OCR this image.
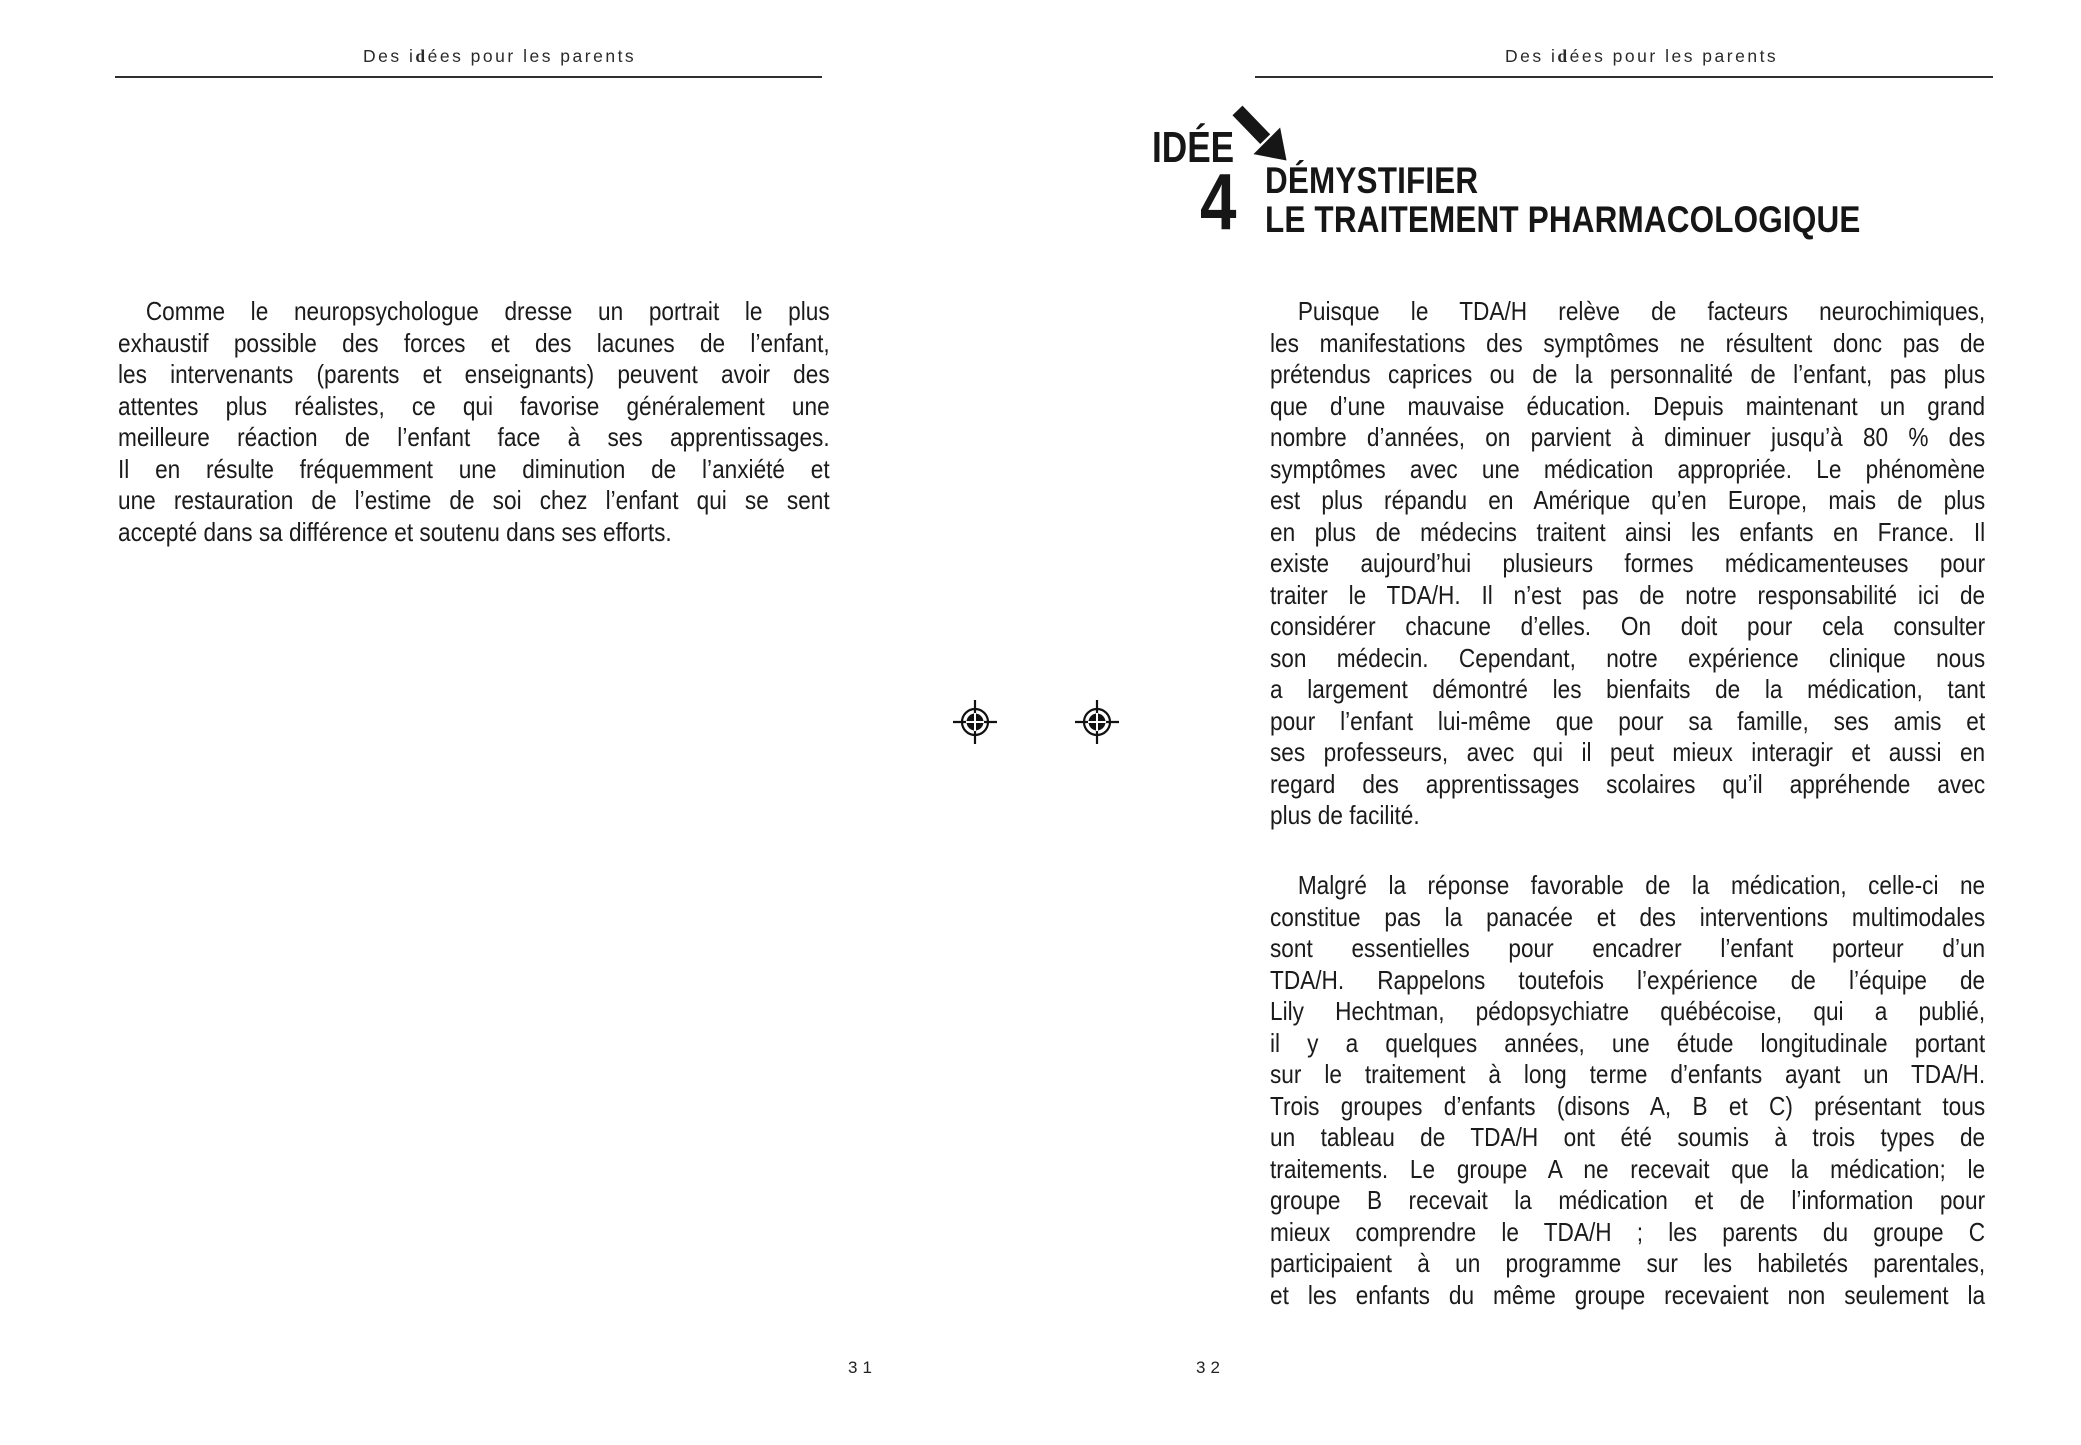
Des idées pour les parents	Des idées pour les parents
IDÉE
4 DÉMYSTIFIER
LE TRAITEMENT PHARMACOLOGIQUE
Comme le neuropsychologue dresse un portrait le plus
exhaustif possible des forces et des lacunes de l’enfant,
les intervenants (parents et enseignants) peuvent avoir des
attentes plus réalistes, ce qui favorise généralement une
meilleure réaction de l’enfant face à ses apprentissages.
Il en résulte fréquemment une diminution de l’anxiété et
une restauration de l’estime de soi chez l’enfant qui se sent
accepté dans sa différence et soutenu dans ses efforts.
Puisque le TDA/H relève de facteurs neurochimiques,
les manifestations des symptômes ne résultent donc pas de
prétendus caprices ou de la personnalité de l’enfant, pas plus
que d’une mauvaise éducation. Depuis maintenant un grand
nombre d’années, on parvient à diminuer jusqu’à 80 % des
symptômes avec une médication appropriée. Le phénomène
est plus répandu en Amérique qu’en Europe, mais de plus
en plus de médecins traitent ainsi les enfants en France. Il
existe aujourd’hui plusieurs formes médicamenteuses pour
traiter le TDA/H. Il n’est pas de notre responsabilité ici de
considérer chacune d’elles. On doit pour cela consulter
son médecin. Cependant, notre expérience clinique nous
a largement démontré les bienfaits de la médication, tant
pour l’enfant lui-même que pour sa famille, ses amis et
ses professeurs, avec qui il peut mieux interagir et aussi en
regard des apprentissages scolaires qu’il appréhende avec
plus de facilité.
Malgré la réponse favorable de la médication, celle-ci ne
constitue pas la panacée et des interventions multimodales
sont essentielles pour encadrer l’enfant porteur d’un
TDA/H. Rappelons toutefois l’expérience de l’équipe de
Lily Hechtman, pédopsychiatre québécoise, qui a publié,
il y a quelques années, une étude longitudinale portant
sur le traitement à long terme d’enfants ayant un TDA/H.
Trois groupes d’enfants (disons A, B et C) présentant tous
un tableau de TDA/H ont été soumis à trois types de
traitements. Le groupe A ne recevait que la médication; le
groupe B recevait la médication et de l’information pour
mieux comprendre le TDA/H ; les parents du groupe C
participaient à un programme sur les habiletés parentales,
et les enfants du même groupe recevaient non seulement la
31	32
